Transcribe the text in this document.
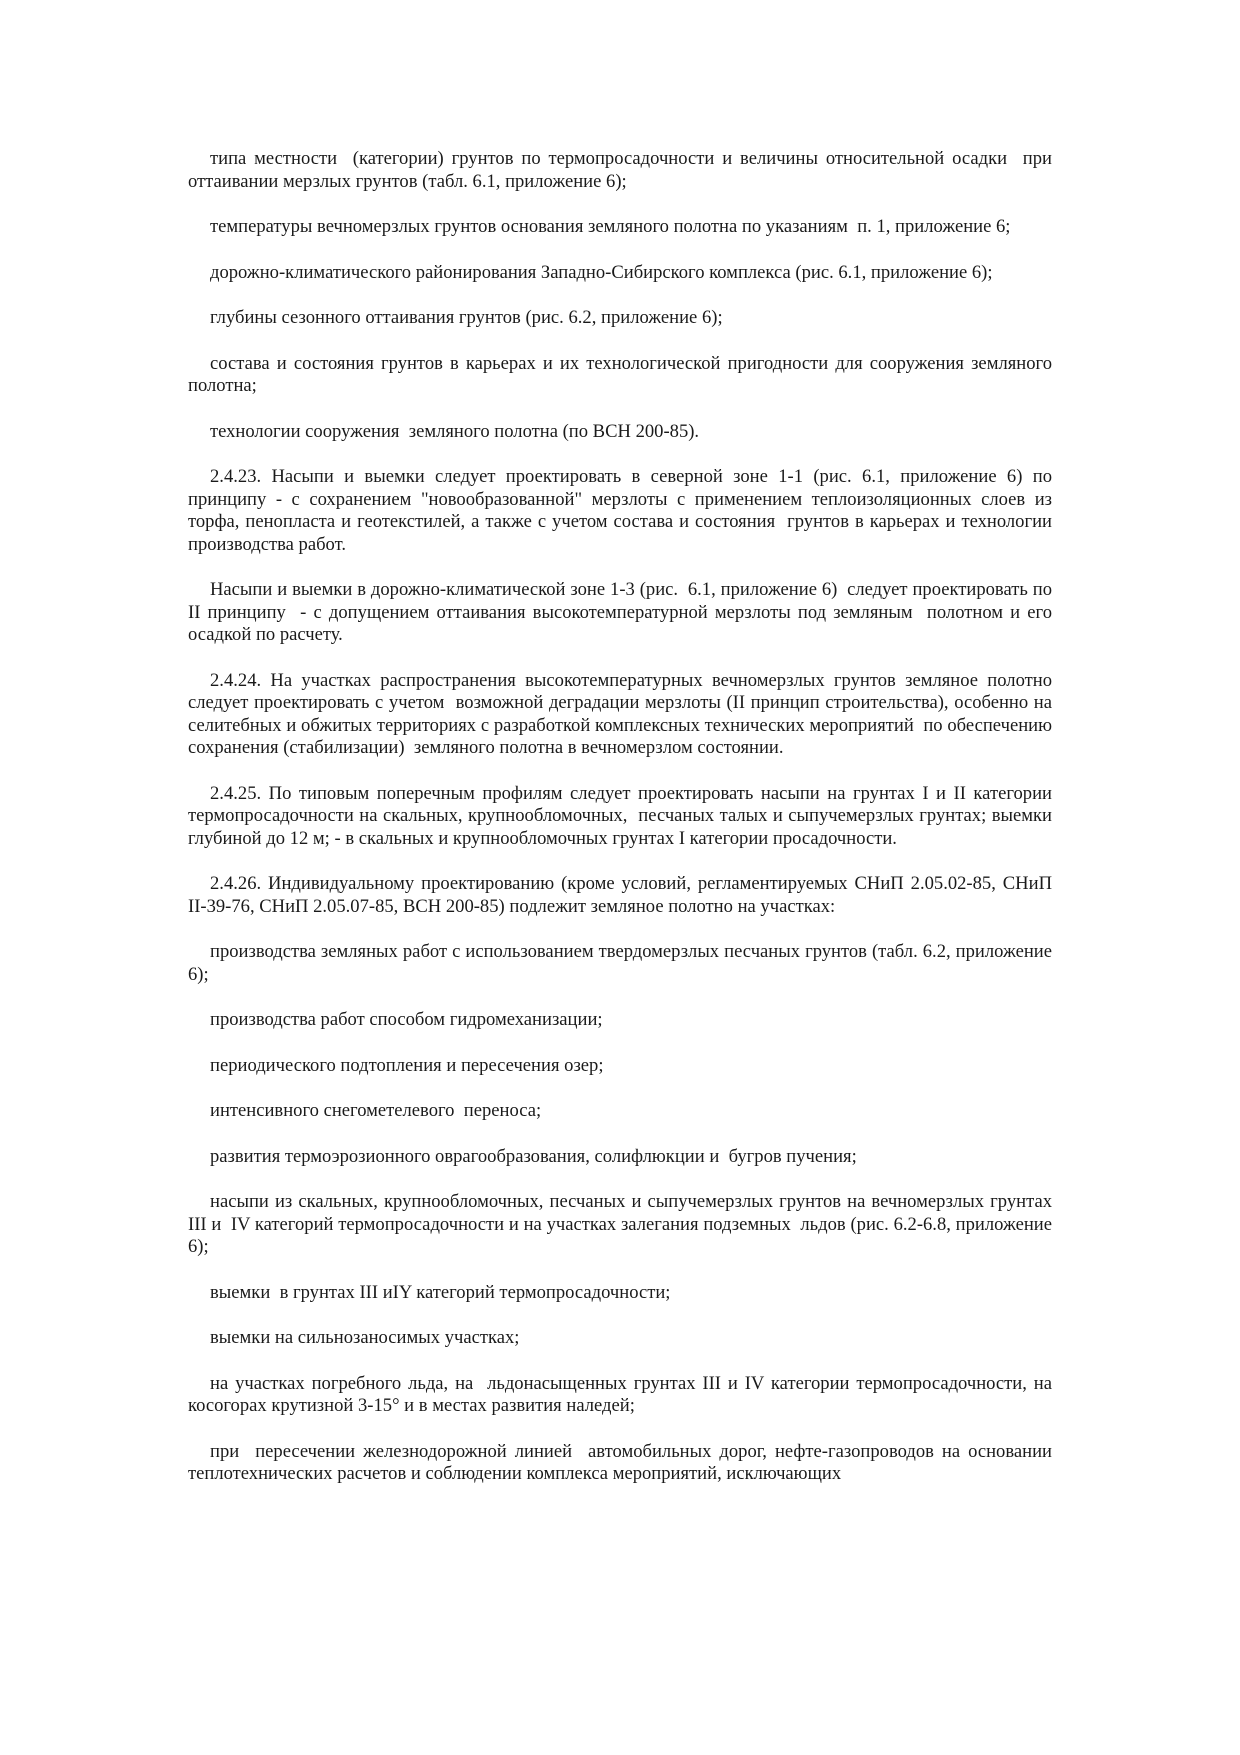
типа местности  (категории) грунтов по термопросадочности и величины относительной осадки  при оттаивании мерзлых грунтов (табл. 6.1, приложение 6);

температуры вечномерзлых грунтов основания земляного полотна по указаниям  п. 1, приложение 6;

дорожно-климатического районирования Западно-Сибирского комплекса (рис. 6.1, приложение 6);

глубины сезонного оттаивания грунтов (рис. 6.2, приложение 6);

состава и состояния грунтов в карьерах и их технологической пригодности для сооружения земляного полотна;

технологии сооружения  земляного полотна (по ВСН 200-85).

2.4.23. Насыпи и выемки следует проектировать в северной зоне 1-1 (рис. 6.1, приложение 6) по принципу - с сохранением "новообразованной" мерзлоты с применением теплоизоляционных слоев из торфа, пенопласта и геотекстилей, а также с учетом состава и состояния  грунтов в карьерах и технологии производства работ.

Насыпи и выемки в дорожно-климатической зоне 1-3 (рис.  6.1, приложение 6)  следует проектировать по II принципу  - с допущением оттаивания высокотемпературной мерзлоты под земляным  полотном и его осадкой по расчету.

2.4.24. На участках распространения высокотемпературных вечномерзлых грунтов земляное полотно следует проектировать с учетом  возможной деградации мерзлоты (II принцип строительства), особенно на селитебных и обжитых территориях с разработкой комплексных технических мероприятий  по обеспечению сохранения (стабилизации)  земляного полотна в вечномерзлом состоянии.

2.4.25. По типовым поперечным профилям следует проектировать насыпи на грунтах I и II категории термопросадочности на скальных, крупнообломочных,  песчаных талых и сыпучемерзлых грунтах; выемки глубиной до 12 м; - в скальных и крупнообломочных грунтах I категории просадочности.

2.4.26. Индивидуальному проектированию (кроме условий, регламентируемых СНиП 2.05.02-85, СНиП II-39-76, СНиП 2.05.07-85, ВСН 200-85) подлежит земляное полотно на участках:

производства земляных работ с использованием твердомерзлых песчаных грунтов (табл. 6.2, приложение  6);

производства работ способом гидромеханизации;

периодического подтопления и пересечения озер;

интенсивного снегометелевого  переноса;

развития термоэрозионного оврагообразования, солифлюкции и  бугров пучения;

насыпи из скальных, крупнообломочных, песчаных и сыпучемерзлых грунтов на вечномерзлых грунтах III и  IV категорий термопросадочности и на участках залегания подземных  льдов (рис. 6.2-6.8, приложение  6);

выемки  в грунтах III иIY категорий термопросадочности;

выемки на сильнозаносимых участках;

на участках погребного льда, на  льдонасыщенных грунтах III и IV категории термопросадочности, на косогорах крутизной 3-15° и в местах развития наледей;

при  пересечении железнодорожной линией  автомобильных дорог, нефте-газопроводов на основании теплотехнических расчетов и соблюдении комплекса мероприятий, исключающих
